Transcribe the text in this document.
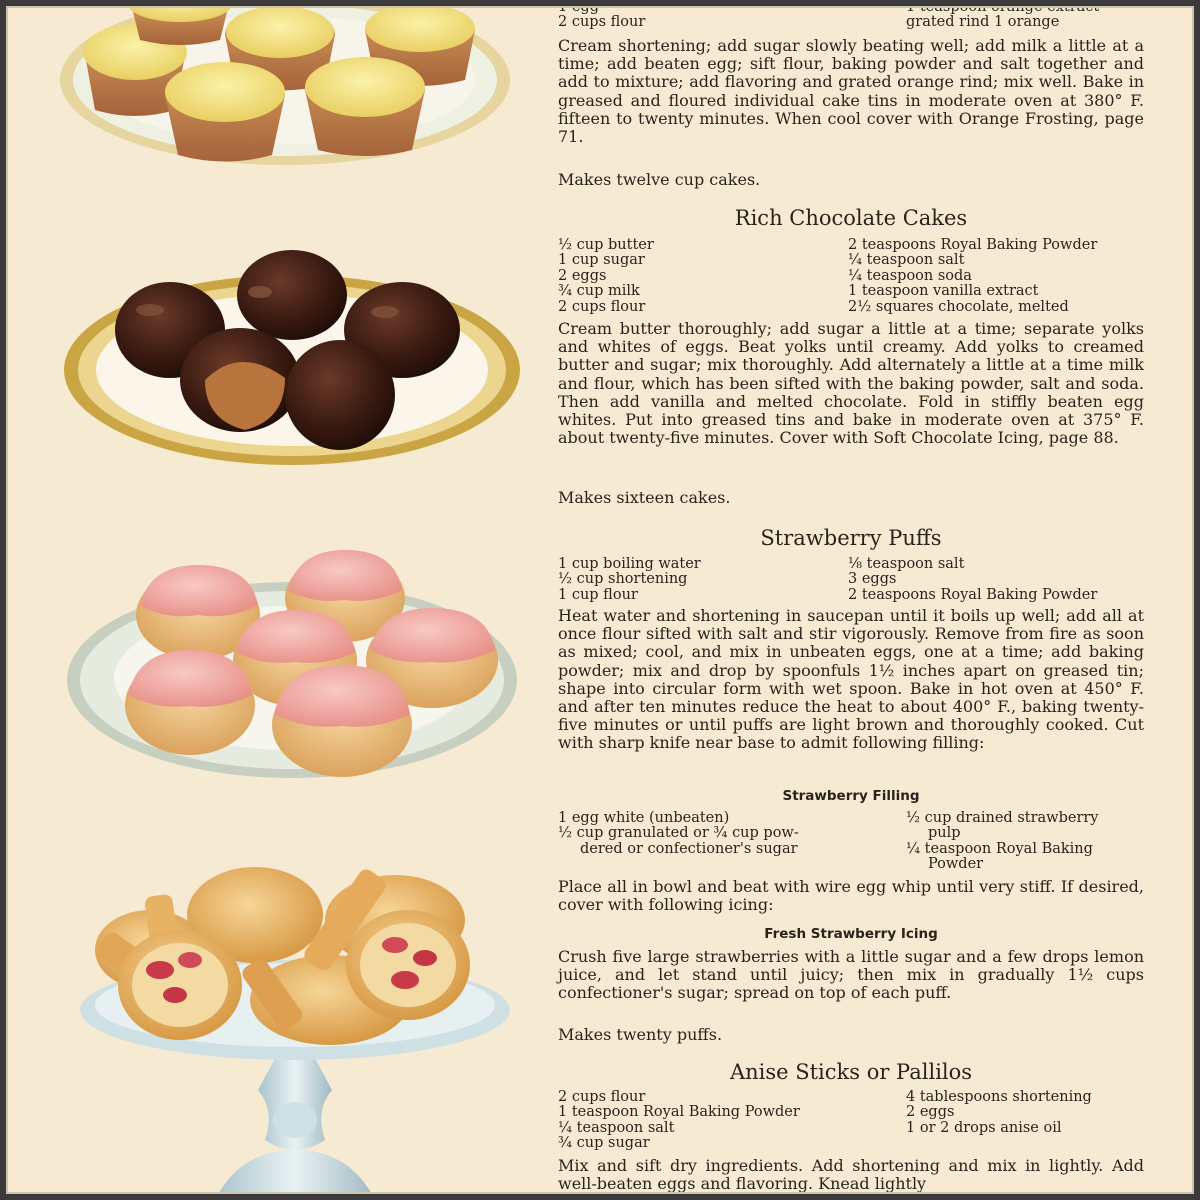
1 egg
2 cups flour
1 teaspoon orange extract
grated rind 1 orange

Cream shortening; add sugar slowly beating well; add milk a little at a time; add beaten egg; sift flour, baking powder and salt together and add to mixture; add flavoring and grated orange rind; mix well. Bake in greased and floured individual cake tins in moderate oven at 380° F. fifteen to twenty minutes. When cool cover with Orange Frosting, page 71.

Makes twelve cup cakes.
Rich Chocolate Cakes
½ cup butter
1 cup sugar
2 eggs
¾ cup milk
2 cups flour
2 teaspoons Royal Baking Powder
¼ teaspoon salt
¼ teaspoon soda
1 teaspoon vanilla extract
2½ squares chocolate, melted

Cream butter thoroughly; add sugar a little at a time; separate yolks and whites of eggs. Beat yolks until creamy. Add yolks to creamed butter and sugar; mix thoroughly. Add alternately a little at a time milk and flour, which has been sifted with the baking powder, salt and soda. Then add vanilla and melted chocolate. Fold in stiffly beaten egg whites. Put into greased tins and bake in moderate oven at 375° F. about twenty-five minutes. Cover with Soft Chocolate Icing, page 88.

Makes sixteen cakes.
Strawberry Puffs
1 cup boiling water
½ cup shortening
1 cup flour
⅛ teaspoon salt
3 eggs
2 teaspoons Royal Baking Powder

Heat water and shortening in saucepan until it boils up well; add all at once flour sifted with salt and stir vigorously. Remove from fire as soon as mixed; cool, and mix in unbeaten eggs, one at a time; add baking powder; mix and drop by spoonfuls 1½ inches apart on greased tin; shape into circular form with wet spoon. Bake in hot oven at 450° F. and after ten minutes reduce the heat to about 400° F., baking twenty-five minutes or until puffs are light brown and thoroughly cooked. Cut with sharp knife near base to admit following filling:

Strawberry Filling
1 egg white (unbeaten)
½ cup granulated or ¾ cup pow-
dered or confectioner's sugar
½ cup drained strawberry
pulp
¼ teaspoon Royal Baking
Powder

Place all in bowl and beat with wire egg whip until very stiff. If desired, cover with following icing:

Fresh Strawberry Icing

Crush five large strawberries with a little sugar and a few drops lemon juice, and let stand until juicy; then mix in gradually 1½ cups confectioner's sugar; spread on top of each puff.

Makes twenty puffs.
Anise Sticks or Pallilos
2 cups flour
1 teaspoon Royal Baking Powder
¼ teaspoon salt
¾ cup sugar
4 tablespoons shortening
2 eggs
1 or 2 drops anise oil

Mix and sift dry ingredients. Add shortening and mix in lightly. Add well-beaten eggs and flavoring. Knead lightly
